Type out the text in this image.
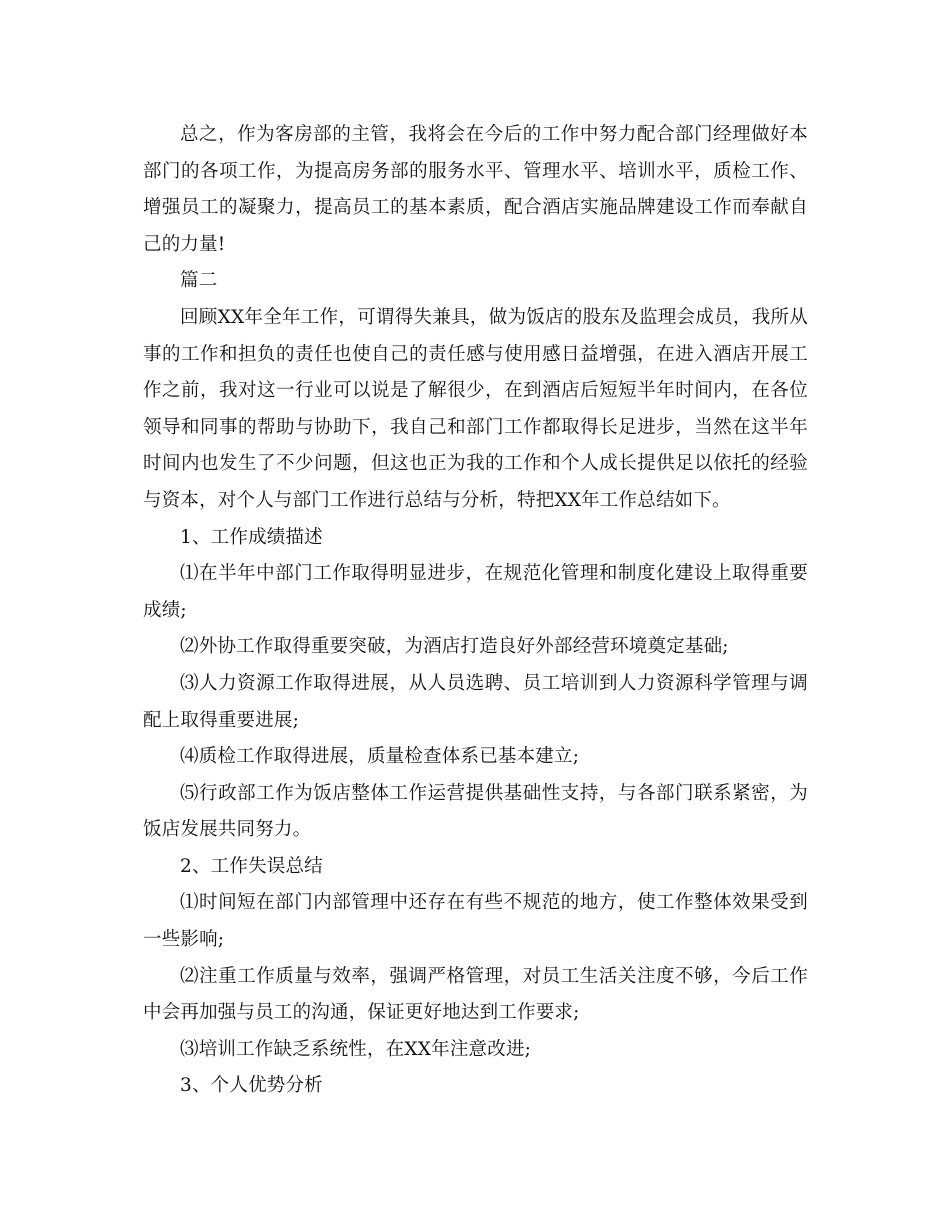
总之，作为客房部的主管，我将会在今后的工作中努力配合部门经理做好本部门的各项工作，为提高房务部的服务水平、管理水平、培训水平，质检工作、增强员工的凝聚力，提高员工的基本素质，配合酒店实施品牌建设工作而奉献自己的力量!

篇二

回顾XX年全年工作，可谓得失兼具，做为饭店的股东及监理会成员，我所从事的工作和担负的责任也使自己的责任感与使用感日益增强，在进入酒店开展工作之前，我对这一行业可以说是了解很少，在到酒店后短短半年时间内，在各位领导和同事的帮助与协助下，我自己和部门工作都取得长足进步，当然在这半年时间内也发生了不少问题，但这也正为我的工作和个人成长提供足以依托的经验与资本，对个人与部门工作进行总结与分析，特把XX年工作总结如下。

1、工作成绩描述

⑴在半年中部门工作取得明显进步，在规范化管理和制度化建设上取得重要成绩;

⑵外协工作取得重要突破，为酒店打造良好外部经营环境奠定基础;

⑶人力资源工作取得进展，从人员选聘、员工培训到人力资源科学管理与调配上取得重要进展;

⑷质检工作取得进展，质量检查体系已基本建立;

⑸行政部工作为饭店整体工作运营提供基础性支持，与各部门联系紧密，为饭店发展共同努力。

2、工作失误总结

⑴时间短在部门内部管理中还存在有些不规范的地方，使工作整体效果受到一些影响;

⑵注重工作质量与效率，强调严格管理，对员工生活关注度不够，今后工作中会再加强与员工的沟通，保证更好地达到工作要求;

⑶培训工作缺乏系统性，在XX年注意改进;

3、个人优势分析
